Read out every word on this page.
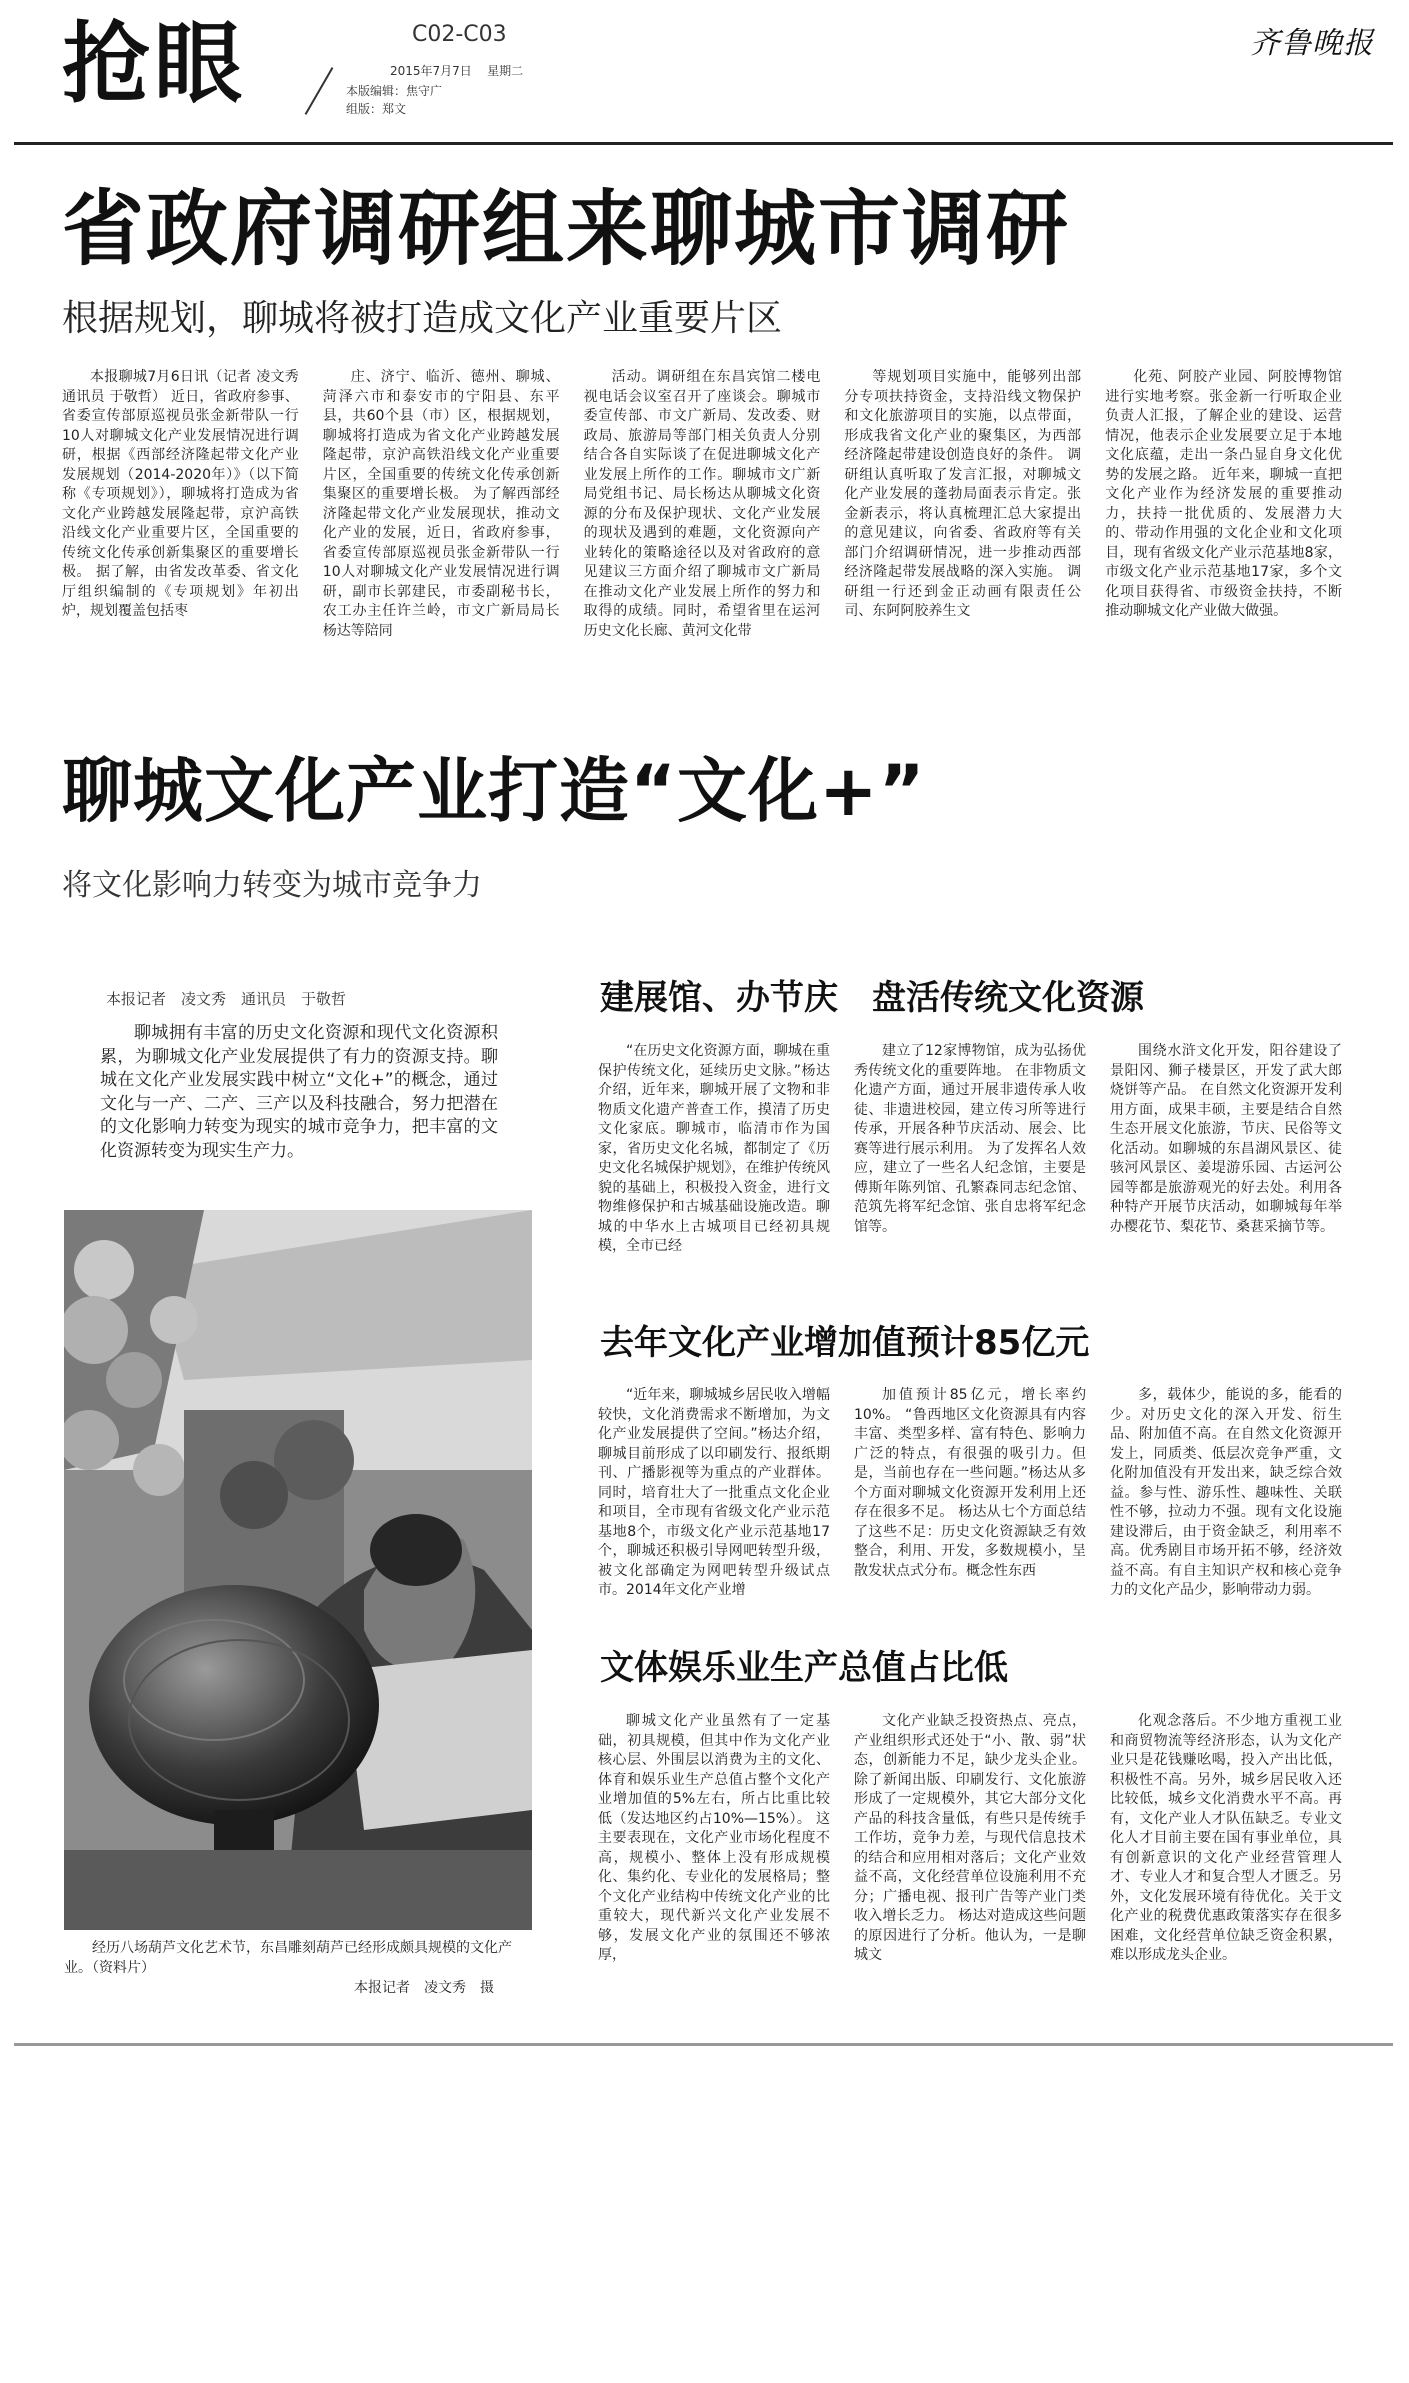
抢眼	C02-C03
2015年7月7日 星期二
本版编辑：焦守广
组版：郑文
齐鲁晚报
省政府调研组来聊城市调研
根据规划，聊城将被打造成文化产业重要片区

本报聊城7月6日讯（记者 凌文秀 通讯员 于敬哲） 近日，省政府参事、省委宣传部原巡视员张金新带队一行10人对聊城文化产业发展情况进行调研，根据《西部经济隆起带文化产业发展规划（2014-2020年）》（以下简称《专项规划》），聊城将打造成为省文化产业跨越发展隆起带，京沪高铁沿线文化产业重要片区，全国重要的传统文化传承创新集聚区的重要增长极。 据了解，由省发改革委、省文化厅组织编制的《专项规划》年初出炉，规划覆盖包括枣

庄、济宁、临沂、德州、聊城、菏泽六市和泰安市的宁阳县、东平县，共60个县（市）区，根据规划，聊城将打造成为省文化产业跨越发展隆起带，京沪高铁沿线文化产业重要片区，全国重要的传统文化传承创新集聚区的重要增长极。 为了解西部经济隆起带文化产业发展现状，推动文化产业的发展，近日，省政府参事，省委宣传部原巡视员张金新带队一行10人对聊城文化产业发展情况进行调研，副市长郭建民，市委副秘书长，农工办主任许兰岭，市文广新局局长杨达等陪同

活动。调研组在东昌宾馆二楼电视电话会议室召开了座谈会。聊城市委宣传部、市文广新局、发改委、财政局、旅游局等部门相关负责人分别结合各自实际谈了在促进聊城文化产业发展上所作的工作。聊城市文广新局党组书记、局长杨达从聊城文化资源的分布及保护现状、文化产业发展的现状及遇到的难题，文化资源向产业转化的策略途径以及对省政府的意见建议三方面介绍了聊城市文广新局在推动文化产业发展上所作的努力和取得的成绩。同时，希望省里在运河历史文化长廊、黄河文化带

等规划项目实施中，能够列出部分专项扶持资金，支持沿线文物保护和文化旅游项目的实施，以点带面，形成我省文化产业的聚集区，为西部经济隆起带建设创造良好的条件。 调研组认真听取了发言汇报，对聊城文化产业发展的蓬勃局面表示肯定。张金新表示，将认真梳理汇总大家提出的意见建议，向省委、省政府等有关部门介绍调研情况，进一步推动西部经济隆起带发展战略的深入实施。 调研组一行还到金正动画有限责任公司、东阿阿胶养生文

化苑、阿胶产业园、阿胶博物馆进行实地考察。张金新一行听取企业负责人汇报，了解企业的建设、运营情况，他表示企业发展要立足于本地文化底蕴，走出一条凸显自身文化优势的发展之路。 近年来，聊城一直把文化产业作为经济发展的重要推动力，扶持一批优质的、发展潜力大的、带动作用强的文化企业和文化项目，现有省级文化产业示范基地8家，市级文化产业示范基地17家，多个文化项目获得省、市级资金扶持，不断推动聊城文化产业做大做强。

聊城文化产业打造“文化+”
将文化影响力转变为城市竞争力
本报记者　凌文秀　通讯员　于敬哲

聊城拥有丰富的历史文化资源和现代文化资源积累，为聊城文化产业发展提供了有力的资源支持。聊城在文化产业发展实践中树立“文化+”的概念，通过文化与一产、二产、三产以及科技融合，努力把潜在的文化影响力转变为现实的城市竞争力，把丰富的文化资源转变为现实生产力。

经历八场葫芦文化艺术节，东昌雕刻葫芦已经形成颇具规模的文化产业。（资料片）
本报记者　凌文秀　摄
建展馆、办节庆　盘活传统文化资源

“在历史文化资源方面，聊城在重保护传统文化，延续历史文脉。”杨达介绍，近年来，聊城开展了文物和非物质文化遗产普查工作，摸清了历史文化家底。聊城市，临清市作为国家，省历史文化名城，都制定了《历史文化名城保护规划》，在维护传统风貌的基础上，积极投入资金，进行文物维修保护和古城基础设施改造。聊城的中华水上古城项目已经初具规模，全市已经

建立了12家博物馆，成为弘扬优秀传统文化的重要阵地。 在非物质文化遗产方面，通过开展非遗传承人收徒、非遗进校园，建立传习所等进行传承，开展各种节庆活动、展会、比赛等进行展示利用。 为了发挥名人效应，建立了一些名人纪念馆，主要是傅斯年陈列馆、孔繁森同志纪念馆、范筑先将军纪念馆、张自忠将军纪念馆等。

围绕水浒文化开发，阳谷建设了景阳冈、狮子楼景区，开发了武大郎烧饼等产品。 在自然文化资源开发利用方面，成果丰硕，主要是结合自然生态开展文化旅游，节庆、民俗等文化活动。如聊城的东昌湖风景区、徒骇河风景区、姜堤游乐园、古运河公园等都是旅游观光的好去处。利用各种特产开展节庆活动，如聊城每年举办樱花节、梨花节、桑葚采摘节等。

去年文化产业增加值预计85亿元

“近年来，聊城城乡居民收入增幅较快，文化消费需求不断增加，为文化产业发展提供了空间。”杨达介绍，聊城目前形成了以印刷发行、报纸期刊、广播影视等为重点的产业群体。同时，培育壮大了一批重点文化企业和项目，全市现有省级文化产业示范基地8个，市级文化产业示范基地17个，聊城还积极引导网吧转型升级，被文化部确定为网吧转型升级试点市。2014年文化产业增

加值预计85亿元，增长率约10%。 “鲁西地区文化资源具有内容丰富、类型多样、富有特色、影响力广泛的特点，有很强的吸引力。但是，当前也存在一些问题。”杨达从多个方面对聊城文化资源开发利用上还存在很多不足。 杨达从七个方面总结了这些不足：历史文化资源缺乏有效整合，利用、开发，多数规模小，呈散发状点式分布。概念性东西

多，载体少，能说的多，能看的少。对历史文化的深入开发、衍生品、附加值不高。在自然文化资源开发上，同质类、低层次竞争严重，文化附加值没有开发出来，缺乏综合效益。参与性、游乐性、趣味性、关联性不够，拉动力不强。现有文化设施建设滞后，由于资金缺乏，利用率不高。优秀剧目市场开拓不够，经济效益不高。有自主知识产权和核心竞争力的文化产品少，影响带动力弱。

文体娱乐业生产总值占比低

聊城文化产业虽然有了一定基础，初具规模，但其中作为文化产业核心层、外围层以消费为主的文化、体育和娱乐业生产总值占整个文化产业增加值的5%左右，所占比重比较低（发达地区约占10%—15%）。 这主要表现在，文化产业市场化程度不高，规模小、整体上没有形成规模化、集约化、专业化的发展格局；整个文化产业结构中传统文化产业的比重较大，现代新兴文化产业发展不够，发展文化产业的氛围还不够浓厚，

文化产业缺乏投资热点、亮点，产业组织形式还处于“小、散、弱”状态，创新能力不足，缺少龙头企业。除了新闻出版、印刷发行、文化旅游形成了一定规模外，其它大部分文化产品的科技含量低，有些只是传统手工作坊，竞争力差，与现代信息技术的结合和应用相对落后；文化产业效益不高，文化经营单位设施利用不充分；广播电视、报刊广告等产业门类收入增长乏力。 杨达对造成这些问题的原因进行了分析。他认为，一是聊城文

化观念落后。不少地方重视工业和商贸物流等经济形态，认为文化产业只是花钱赚吆喝，投入产出比低，积极性不高。另外，城乡居民收入还比较低，城乡文化消费水平不高。再有，文化产业人才队伍缺乏。专业文化人才目前主要在国有事业单位，具有创新意识的文化产业经营管理人才、专业人才和复合型人才匮乏。另外，文化发展环境有待优化。关于文化产业的税费优惠政策落实存在很多困难，文化经营单位缺乏资金积累，难以形成龙头企业。
